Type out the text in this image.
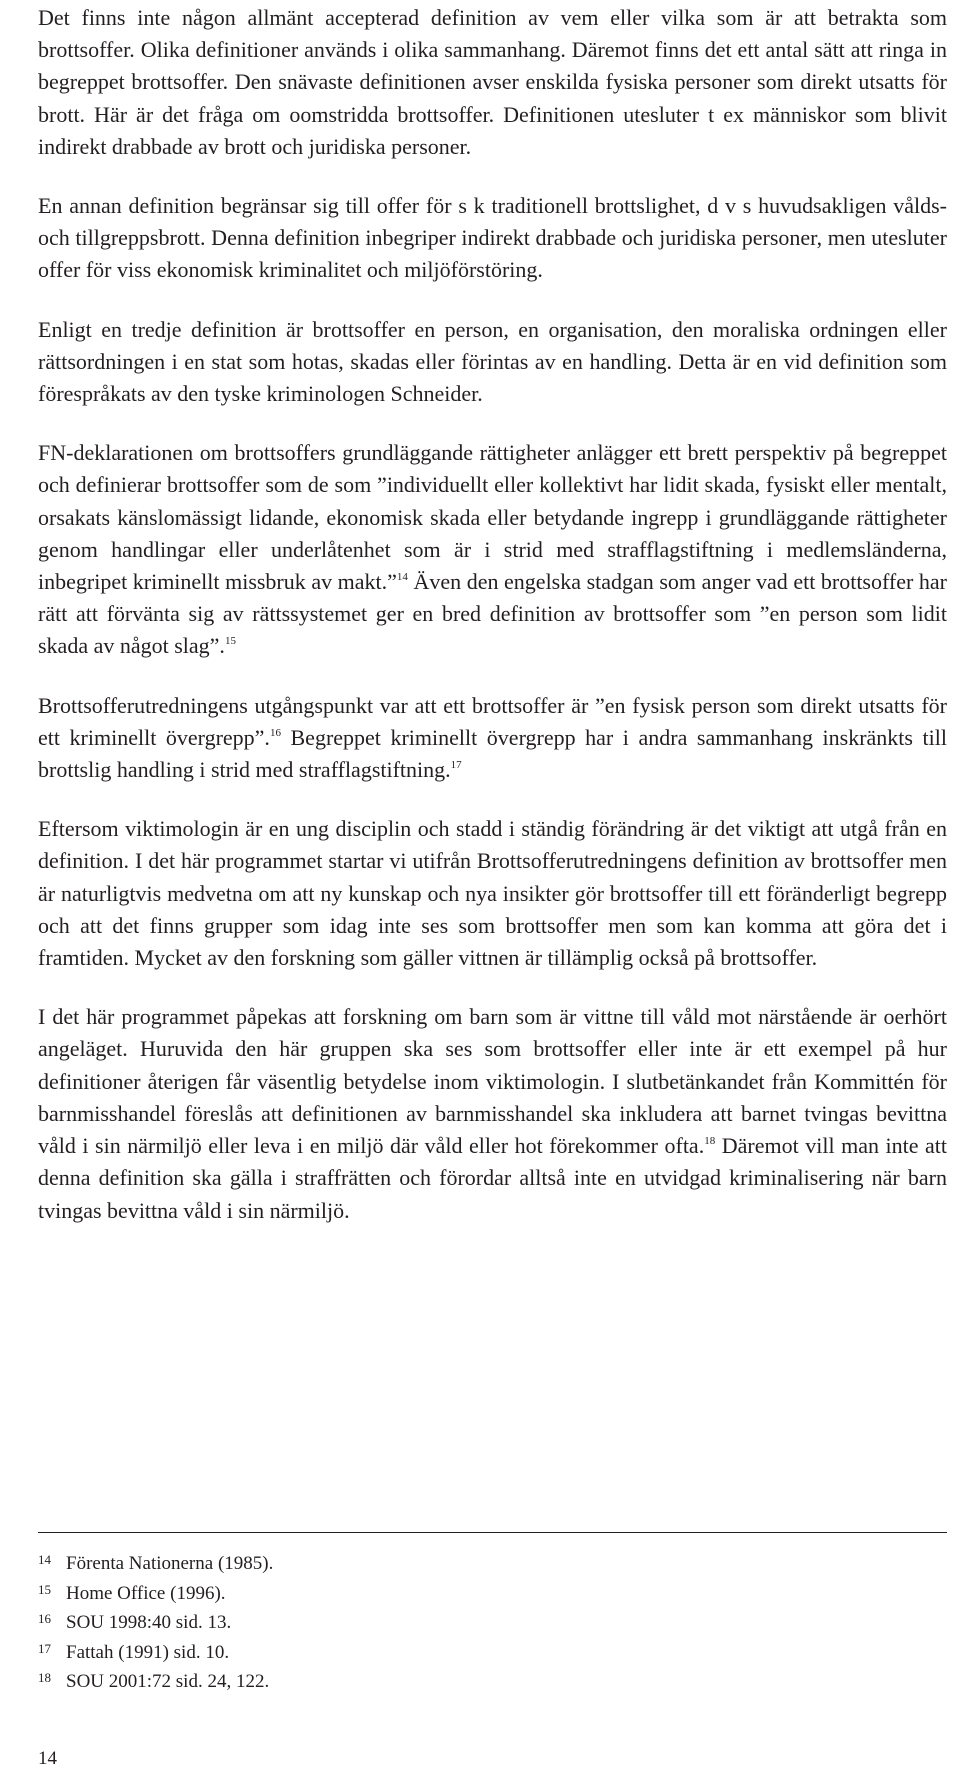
Det finns inte någon allmänt accepterad definition av vem eller vilka som är att betrakta som brottsoffer. Olika definitioner används i olika sammanhang. Däremot finns det ett antal sätt att ringa in begreppet brottsoffer. Den snävaste definitionen avser enskilda fysiska personer som direkt utsatts för brott. Här är det fråga om oomstridda brottsoffer. Definitionen utesluter t ex människor som blivit indirekt drabbade av brott och juridiska personer.

En annan definition begränsar sig till offer för s k traditionell brottslighet, d v s huvudsakligen vålds- och tillgreppsbrott. Denna definition inbegriper indirekt drabbade och juridiska personer, men utesluter offer för viss ekonomisk kriminalitet och miljöförstöring.

Enligt en tredje definition är brottsoffer en person, en organisation, den moraliska ordningen eller rättsordningen i en stat som hotas, skadas eller förintas av en handling. Detta är en vid definition som förespråkats av den tyske kriminologen Schneider.

FN-deklarationen om brottsoffers grundläggande rättigheter anlägger ett brett perspektiv på begreppet och definierar brottsoffer som de som ”individuellt eller kollektivt har lidit skada, fysiskt eller mentalt, orsakats känslomässigt lidande, ekonomisk skada eller betydande ingrepp i grundläggande rättigheter genom handlingar eller underlåtenhet som är i strid med strafflagstiftning i medlemsländerna, inbegripet kriminellt missbruk av makt.”$^{14}$ Även den engelska stadgan som anger vad ett brottsoffer har rätt att förvänta sig av rättssystemet ger en bred definition av brottsoffer som ”en person som lidit skada av något slag”.$^{15}$

Brottsofferutredningens utgångspunkt var att ett brottsoffer är ”en fysisk person som direkt utsatts för ett kriminellt övergrepp”.$^{16}$ Begreppet kriminellt övergrepp har i andra sammanhang inskränkts till brottslig handling i strid med strafflagstiftning.$^{17}$

Eftersom viktimologin är en ung disciplin och stadd i ständig förändring är det viktigt att utgå från en definition. I det här programmet startar vi utifrån Brottsofferutredningens definition av brottsoffer men är naturligtvis medvetna om att ny kunskap och nya insikter gör brottsoffer till ett föränderligt begrepp och att det finns grupper som idag inte ses som brottsoffer men som kan komma att göra det i framtiden. Mycket av den forskning som gäller vittnen är tillämplig också på brottsoffer.

I det här programmet påpekas att forskning om barn som är vittne till våld mot närstående är oerhört angeläget. Huruvida den här gruppen ska ses som brottsoffer eller inte är ett exempel på hur definitioner återigen får väsentlig betydelse inom viktimologin. I slutbetänkandet från Kommittén för barnmisshandel föreslås att definitionen av barnmisshandel ska inkludera att barnet tvingas bevittna våld i sin närmiljö eller leva i en miljö där våld eller hot förekommer ofta.$^{18}$ Däremot vill man inte att denna definition ska gälla i straffrätten och förordar alltså inte en utvidgad kriminalisering när barn tvingas bevittna våld i sin närmiljö.

14 Förenta Nationerna (1985).
15 Home Office (1996).
16 SOU 1998:40 sid. 13.
17 Fattah (1991) sid. 10.
18 SOU 2001:72 sid. 24, 122.
14
